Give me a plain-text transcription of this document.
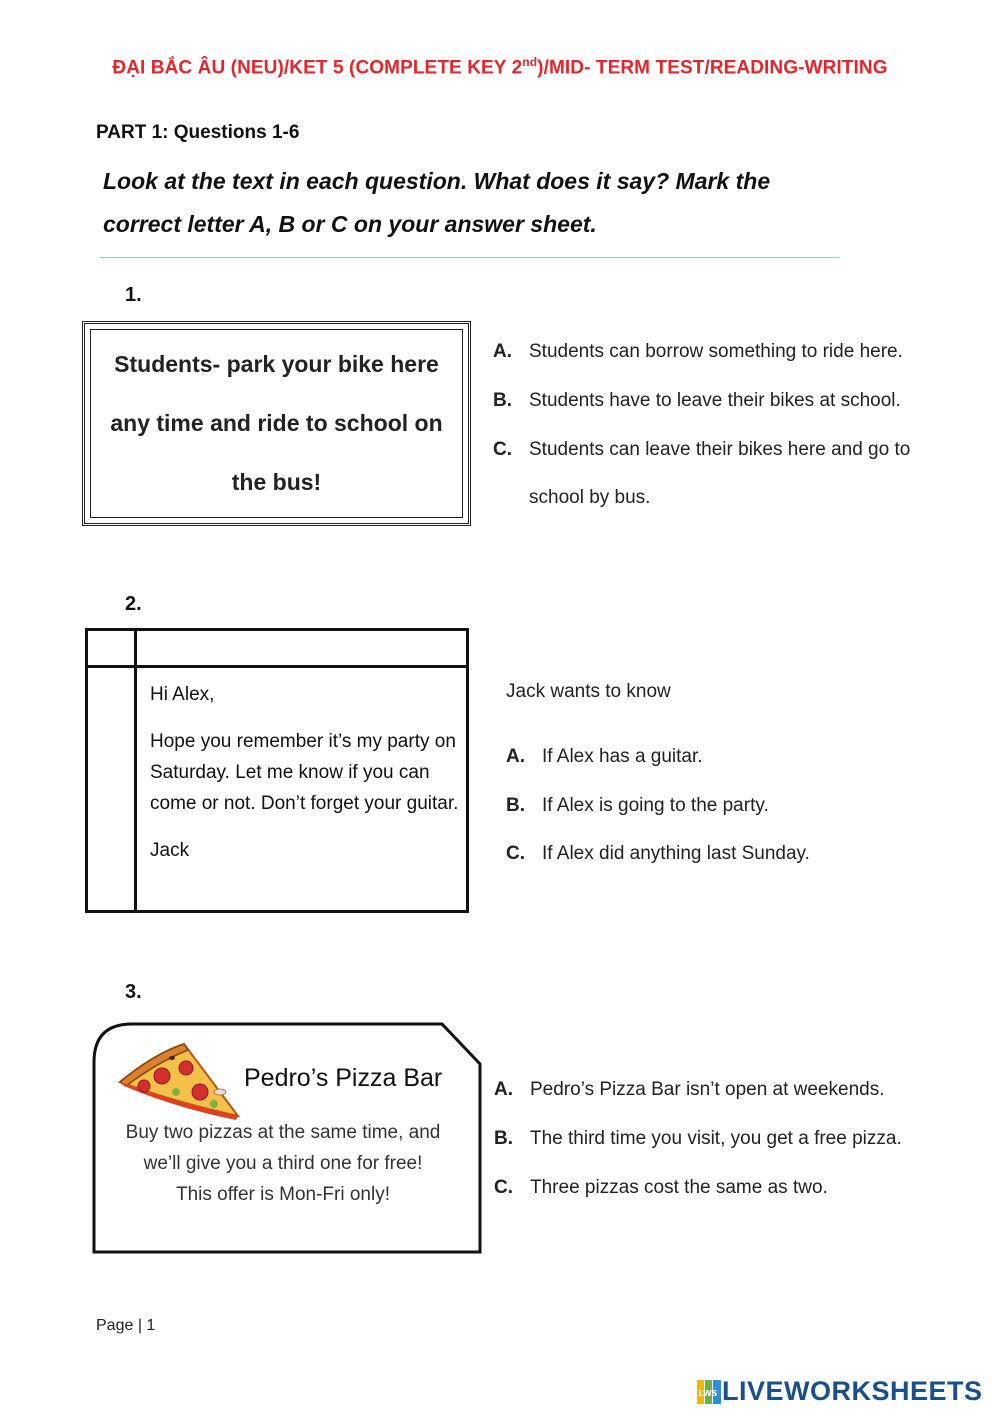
ĐẠI BẮC ÂU (NEU)/KET 5 (COMPLETE KEY 2nd)/MID- TERM TEST/READING-WRITING
PART 1: Questions 1-6
Look at the text in each question. What does it say? Mark the
correct letter A, B or C on your answer sheet.
1.
Students- park your bike here any time and ride to school on the bus!
A. Students can borrow something to ride here.
B. Students have to leave their bikes at school.
C. Students can leave their bikes here and go to
school by bus.
2.

Hi Alex,

Hope you remember it’s my party on Saturday. Let me know if you can come or not. Don’t forget your guitar.

Jack

Jack wants to know
A. If Alex has a guitar.
B. If Alex is going to the party.
C. If Alex did anything last Sunday.
3.
Pedro’s Pizza Bar
Buy two pizzas at the same time, and
we’ll give you a third one for free!
This offer is Mon-Fri only!
A. Pedro’s Pizza Bar isn’t open at weekends.
B. The third time you visit, you get a free pizza.
C. Three pizzas cost the same as two.
Page | 1
LWS LIVEWORKSHEETS
